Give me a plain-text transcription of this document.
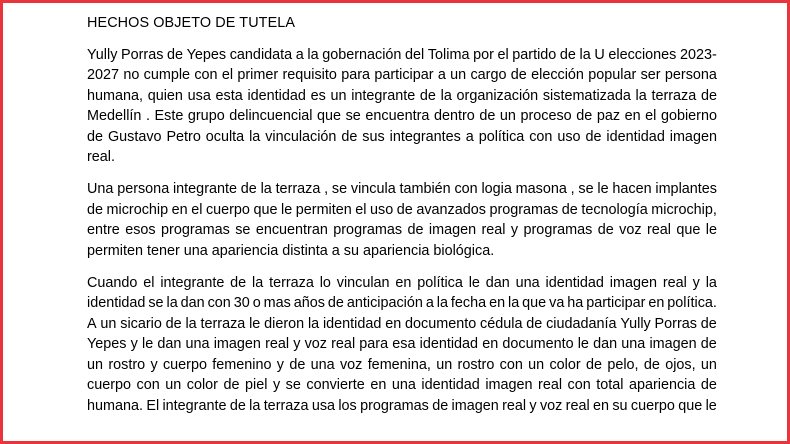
HECHOS OBJETO DE TUTELA
Yully Porras de Yepes candidata a la gobernación del Tolima por el partido de la U elecciones 2023-
2027 no cumple con el primer requisito para participar a un cargo de elección popular ser persona
humana, quien usa esta identidad es un integrante de la organización sistematizada la terraza de
Medellín . Este grupo delincuencial que se encuentra dentro de un proceso de paz en el gobierno
de Gustavo Petro oculta la vinculación de sus integrantes a política con uso de identidad imagen
real.
Una persona integrante de la terraza , se vincula también con logia masona , se le hacen implantes
de microchip en el cuerpo que le permiten el uso de avanzados programas de tecnología microchip,
entre esos programas se encuentran programas de imagen real y programas de voz real que le
permiten tener una apariencia distinta a su apariencia biológica.
Cuando el integrante de la terraza lo vinculan en política le dan una identidad imagen real y la
identidad se la dan con 30 o mas años de anticipación a la fecha en la que va ha participar en política.
A un sicario de la terraza le dieron la identidad en documento cédula de ciudadanía Yully Porras de
Yepes y le dan una imagen real y voz real para esa identidad en documento le dan una imagen de
un rostro y cuerpo femenino y de una voz femenina, un rostro con un color de pelo, de ojos, un
cuerpo con un color de piel y se convierte en una identidad imagen real con total apariencia de
humana. El integrante de la terraza usa los programas de imagen real y voz real en su cuerpo que le
